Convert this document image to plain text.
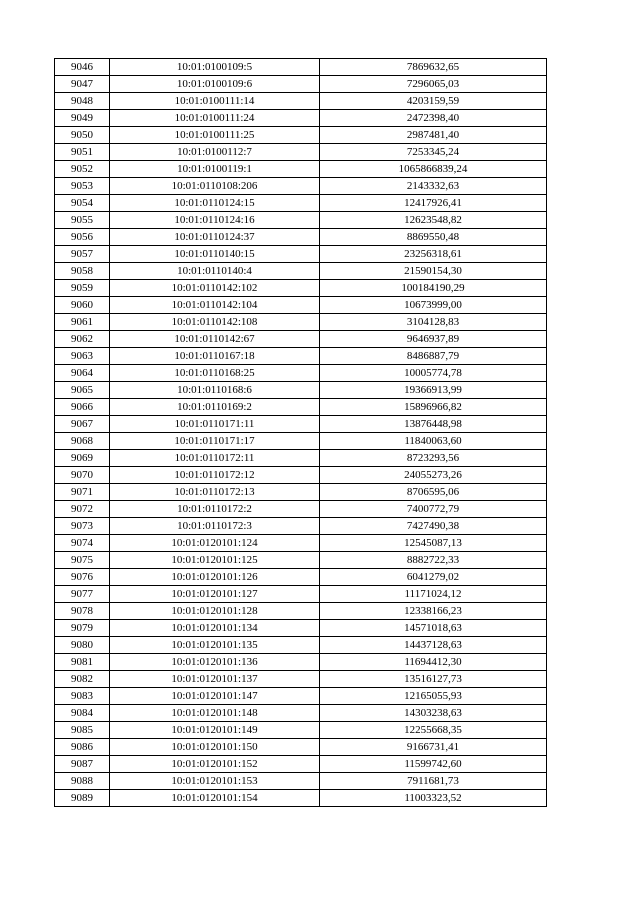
9046	10:01:0100109:5	7869632,65
9047	10:01:0100109:6	7296065,03
9048	10:01:0100111:14	4203159,59
9049	10:01:0100111:24	2472398,40
9050	10:01:0100111:25	2987481,40
9051	10:01:0100112:7	7253345,24
9052	10:01:0100119:1	1065866839,24
9053	10:01:0110108:206	2143332,63
9054	10:01:0110124:15	12417926,41
9055	10:01:0110124:16	12623548,82
9056	10:01:0110124:37	8869550,48
9057	10:01:0110140:15	23256318,61
9058	10:01:0110140:4	21590154,30
9059	10:01:0110142:102	100184190,29
9060	10:01:0110142:104	10673999,00
9061	10:01:0110142:108	3104128,83
9062	10:01:0110142:67	9646937,89
9063	10:01:0110167:18	8486887,79
9064	10:01:0110168:25	10005774,78
9065	10:01:0110168:6	19366913,99
9066	10:01:0110169:2	15896966,82
9067	10:01:0110171:11	13876448,98
9068	10:01:0110171:17	11840063,60
9069	10:01:0110172:11	8723293,56
9070	10:01:0110172:12	24055273,26
9071	10:01:0110172:13	8706595,06
9072	10:01:0110172:2	7400772,79
9073	10:01:0110172:3	7427490,38
9074	10:01:0120101:124	12545087,13
9075	10:01:0120101:125	8882722,33
9076	10:01:0120101:126	6041279,02
9077	10:01:0120101:127	11171024,12
9078	10:01:0120101:128	12338166,23
9079	10:01:0120101:134	14571018,63
9080	10:01:0120101:135	14437128,63
9081	10:01:0120101:136	11694412,30
9082	10:01:0120101:137	13516127,73
9083	10:01:0120101:147	12165055,93
9084	10:01:0120101:148	14303238,63
9085	10:01:0120101:149	12255668,35
9086	10:01:0120101:150	9166731,41
9087	10:01:0120101:152	11599742,60
9088	10:01:0120101:153	7911681,73
9089	10:01:0120101:154	11003323,52
